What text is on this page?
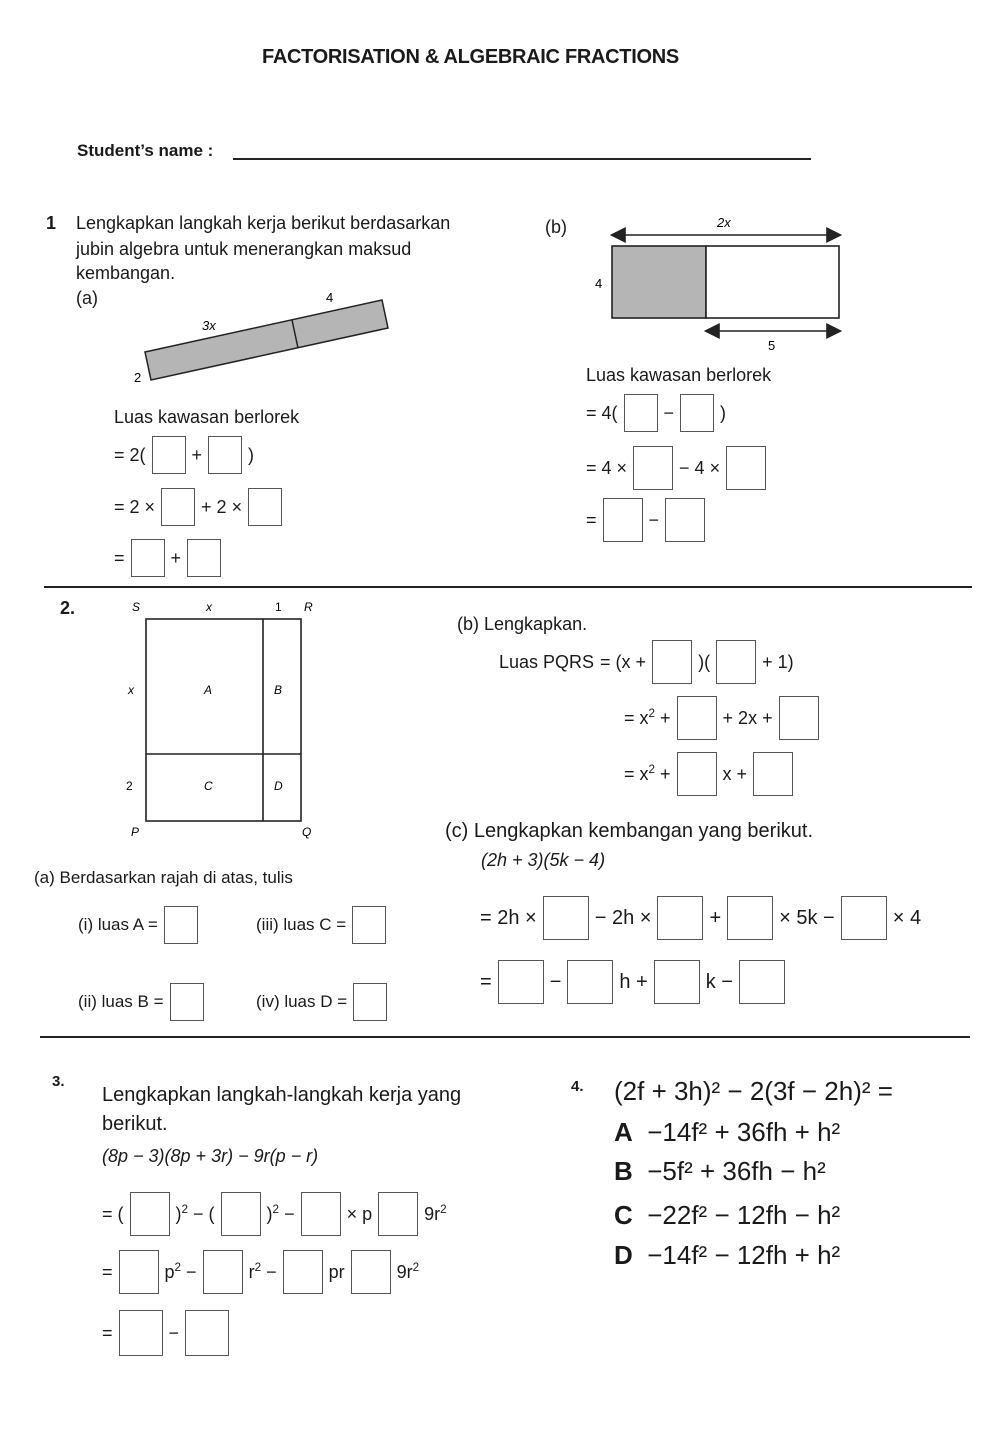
FACTORISATION & ALGEBRAIC FRACTIONS
Student’s name :
1 Lengkapkan langkah kerja berikut berdasarkan
jubin algebra untuk menerangkan maksud
kembangan.
(a)
3x
4
2
Luas kawasan berlorek
= 2(	+	)
= 2 ×	+ 2 ×
=	+
(b)	2x
4
5
Luas kawasan berlorek
= 4(	−	)
= 4 ×	− 4 ×
=	−
2.	S	x	1 R
x
2
P	Q
A	B
C	D
(a) Berdasarkan rajah di atas, tulis
(i) luas A =	(iii) luas C =
(ii) luas B =	(iv) luas D =
(b) Lengkapkan.
Luas PQRS = (x +	)(	+ 1)
= $x^2$ +	+ 2x +
= $x^2$ +	x +
(c) Lengkapkan kembangan yang berikut.
(2h + 3)(5k − 4)
= 2h ×	− 2h ×	+	× 5k −	× 4
=	−	h +	k −
3.
Lengkapkan langkah-langkah kerja yang
berikut.
(8p − 3)(8p + 3r) − 9r(p − r)
= (	)$^2$ − (	)$^2$ −	× p	$9r^2$
=	$p^2$ −	$r^2$ −	pr	$9r^2$
=	−
4. (2f + 3h)² − 2(3f − 2h)² =
A −14f² + 36fh + h²
B −5f² + 36fh − h²
C −22f² − 12fh − h²
D −14f² − 12fh + h²
